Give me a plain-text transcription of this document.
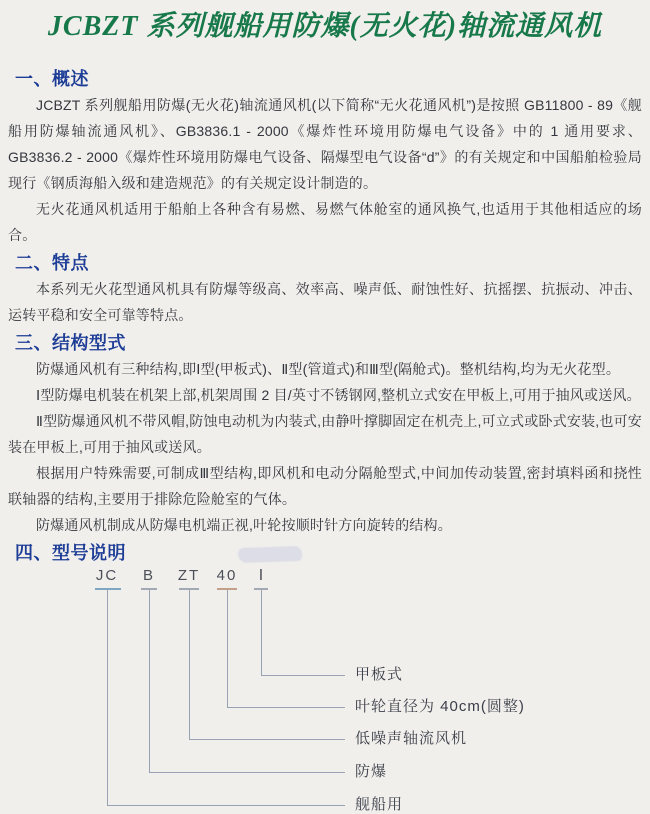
JCBZT 系列舰船用防爆(无火花)轴流通风机
一、概述

JCBZT 系列舰船用防爆(无火花)轴流通风机(以下简称“无火花通风机”)是按照 GB11800 - 89《舰船用防爆轴流通风机》、GB3836.1 - 2000《爆炸性环境用防爆电气设备》中的 1 通用要求、GB3836.2 - 2000《爆炸性环境用防爆电气设备、隔爆型电气设备“d”》的有关规定和中国船舶检验局现行《钢质海船入级和建造规范》的有关规定设计制造的。

无火花通风机适用于船舶上各种含有易燃、易燃气体舱室的通风换气,也适用于其他相适应的场合。

二、特点

本系列无火花型通风机具有防爆等级高、效率高、噪声低、耐蚀性好、抗摇摆、抗振动、冲击、运转平稳和安全可靠等特点。

三、结构型式

防爆通风机有三种结构,即Ⅰ型(甲板式)、Ⅱ型(管道式)和Ⅲ型(隔舱式)。整机结构,均为无火花型。

Ⅰ型防爆电机装在机架上部,机架周围 2 目/英寸不锈钢网,整机立式安在甲板上,可用于抽风或送风。

Ⅱ型防爆通风机不带风帽,防蚀电动机为内装式,由静叶撑脚固定在机壳上,可立式或卧式安装,也可安装在甲板上,可用于抽风或送风。

根据用户特殊需要,可制成Ⅲ型结构,即风机和电动分隔舱型式,中间加传动装置,密封填料函和挠性联轴器的结构,主要用于排除危险舱室的气体。

防爆通风机制成从防爆电机端正视,叶轮按顺时针方向旋转的结构。

四、型号说明
JC B ZT 40 Ⅰ
甲板式
叶轮直径为 40cm(圆整)
低噪声轴流风机
防爆
舰船用
